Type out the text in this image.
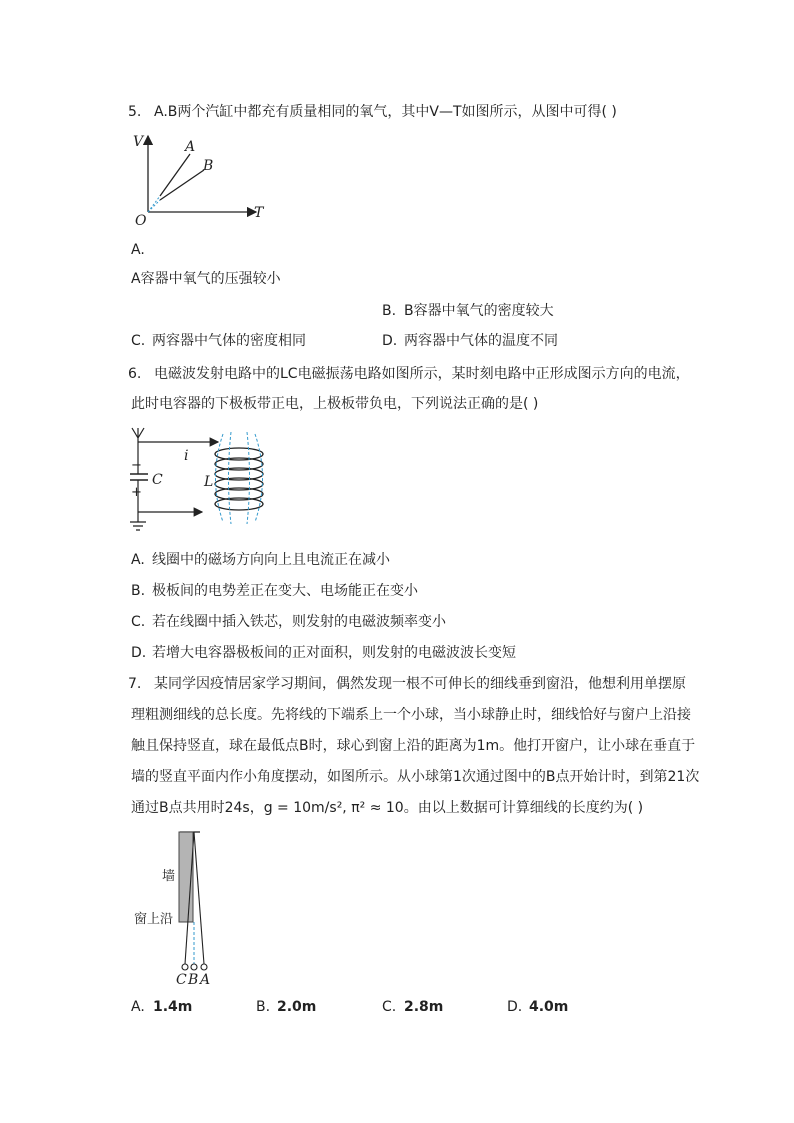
5. A.B两个汽缸中都充有质量相同的氧气，其中V—T如图所示，从图中可得( )
V
T
O
A
B
A.
A容器中氧气的压强较小
B. B容器中氧气的密度较大
C. 两容器中气体的密度相同	D. 两容器中气体的温度不同
6. 电磁波发射电路中的LC电磁振荡电路如图所示，某时刻电路中正形成图示方向的电流，
此时电容器的下极板带正电，上极板带负电，下列说法正确的是( )
i
C	L
−
+
A. 线圈中的磁场方向向上且电流正在减小
B. 极板间的电势差正在变大、电场能正在变小
C. 若在线圈中插入铁芯，则发射的电磁波频率变小
D. 若增大电容器极板间的正对面积，则发射的电磁波波长变短
7. 某同学因疫情居家学习期间，偶然发现一根不可伸长的细线垂到窗沿，他想利用单摆原
理粗测细线的总长度。先将线的下端系上一个小球，当小球静止时，细线恰好与窗户上沿接
触且保持竖直，球在最低点B时，球心到窗上沿的距离为1m。他打开窗户，让小球在垂直于
墙的竖直平面内作小角度摆动，如图所示。从小球第1次通过图中的B点开始计时，到第21次
通过B点共用时24s，g = 10m/s², π² ≈ 10。由以上数据可计算细线的长度约为( )
墙
窗上沿
C B A
A. 1.4m	B. 2.0m	C. 2.8m	D. 4.0m
